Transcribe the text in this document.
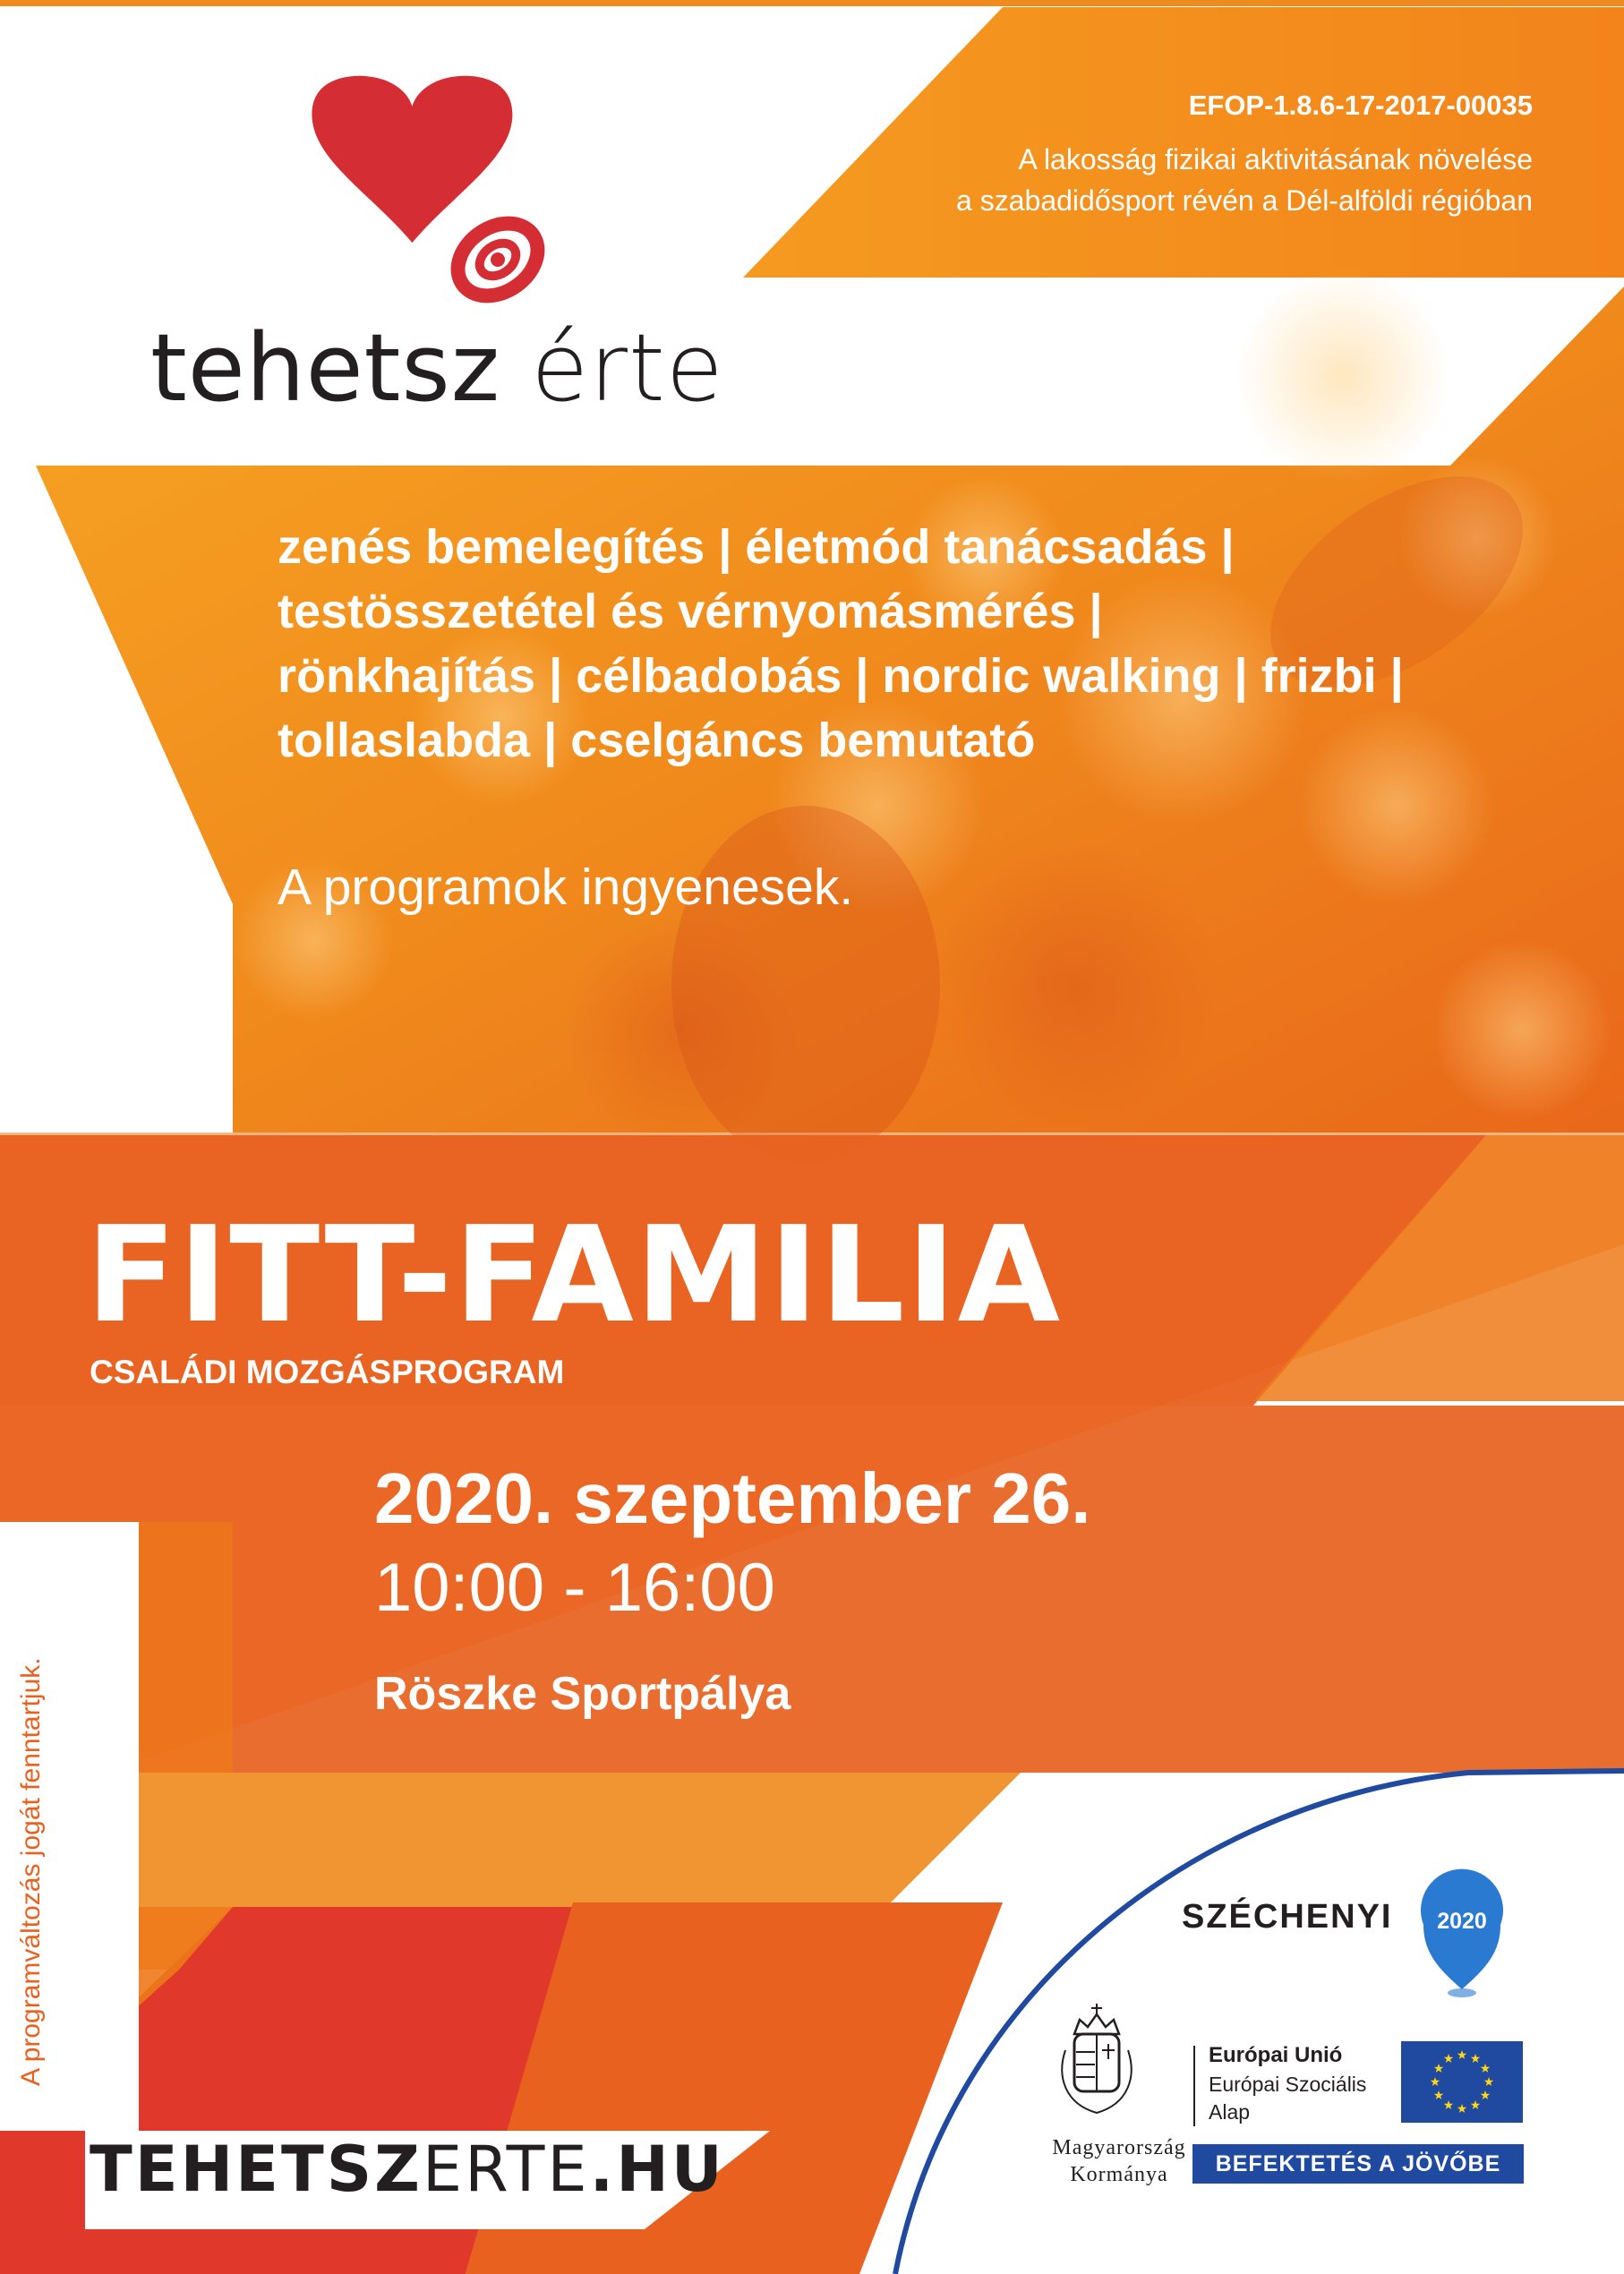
tehetsz érte
EFOP-1.8.6-17-2017-00035
A lakosság fizikai aktivitásának növelése
a szabadidősport révén a Dél-alföldi régióban
zenés bemelegítés | életmód tanácsadás |
testösszetétel és vérnyomásmérés |
rönkhajítás | célbadobás | nordic walking | frizbi |
tollaslabda | cselgáncs bemutató
A programok ingyenesek.
FITT-FAMILIA
CSALÁDI MOZGÁSPROGRAM
2020. szeptember 26.
10:00 - 16:00
Röszke Sportpálya
A programváltozás jogát fenntartjuk.
TEHETSZERTE.HU
SZÉCHENYI 2020
Magyarország
Kormánya
Európai Unió
Európai Szociális
Alap
BEFEKTETÉS A JÖVŐBE
